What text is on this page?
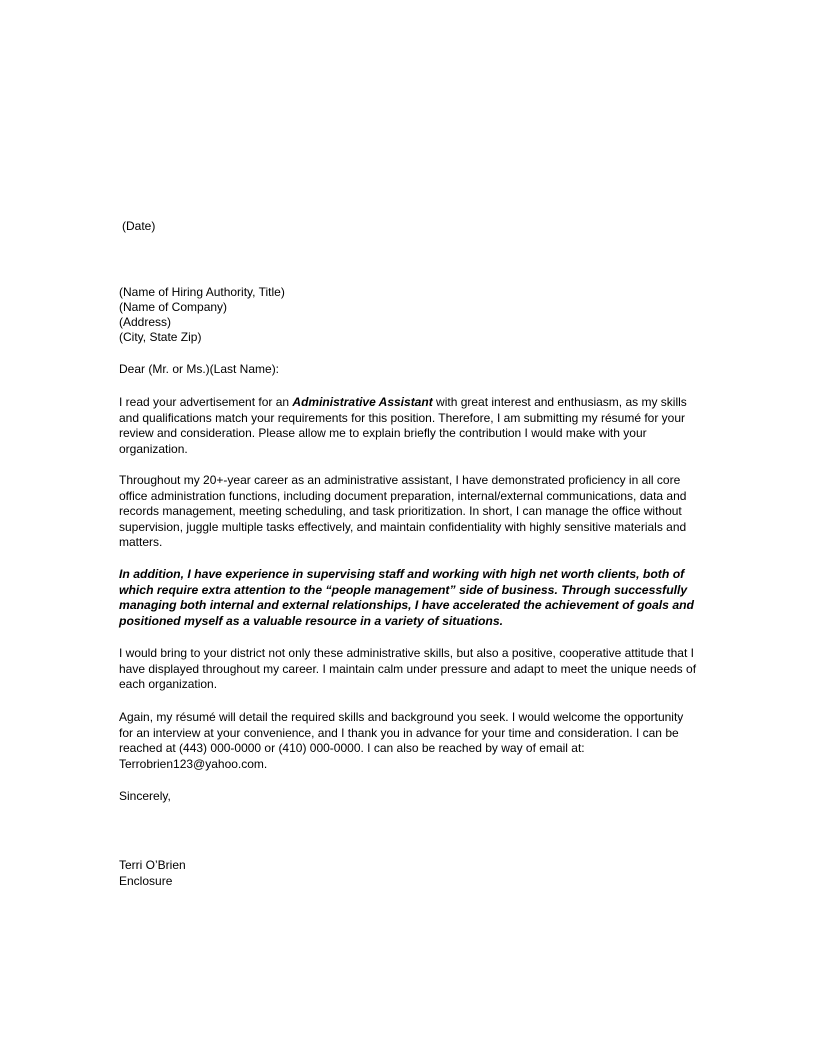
(Date)
(Name of Hiring Authority, Title)
(Name of Company)
(Address)
(City, State Zip)
Dear (Mr. or Ms.)(Last Name):

I read your advertisement for an Administrative Assistant with great interest and enthusiasm, as my skills and qualifications match your requirements for this position. Therefore, I am submitting my résumé for your review and consideration. Please allow me to explain briefly the contribution I would make with your organization.

Throughout my 20+-year career as an administrative assistant, I have demonstrated proficiency in all core office administration functions, including document preparation, internal/external communications, data and records management, meeting scheduling, and task prioritization. In short, I can manage the office without supervision, juggle multiple tasks effectively, and maintain confidentiality with highly sensitive materials and matters.

In addition, I have experience in supervising staff and working with high net worth clients, both of which require extra attention to the “people management” side of business. Through successfully managing both internal and external relationships, I have accelerated the achievement of goals and positioned myself as a valuable resource in a variety of situations.

I would bring to your district not only these administrative skills, but also a positive, cooperative attitude that I have displayed throughout my career. I maintain calm under pressure and adapt to meet the unique needs of each organization.

Again, my résumé will detail the required skills and background you seek. I would welcome the opportunity for an interview at your convenience, and I thank you in advance for your time and consideration. I can be reached at (443) 000-0000 or (410) 000-0000. I can also be reached by way of email at: Terrobrien123@yahoo.com.

Sincerely,
Terri O’Brien
Enclosure
